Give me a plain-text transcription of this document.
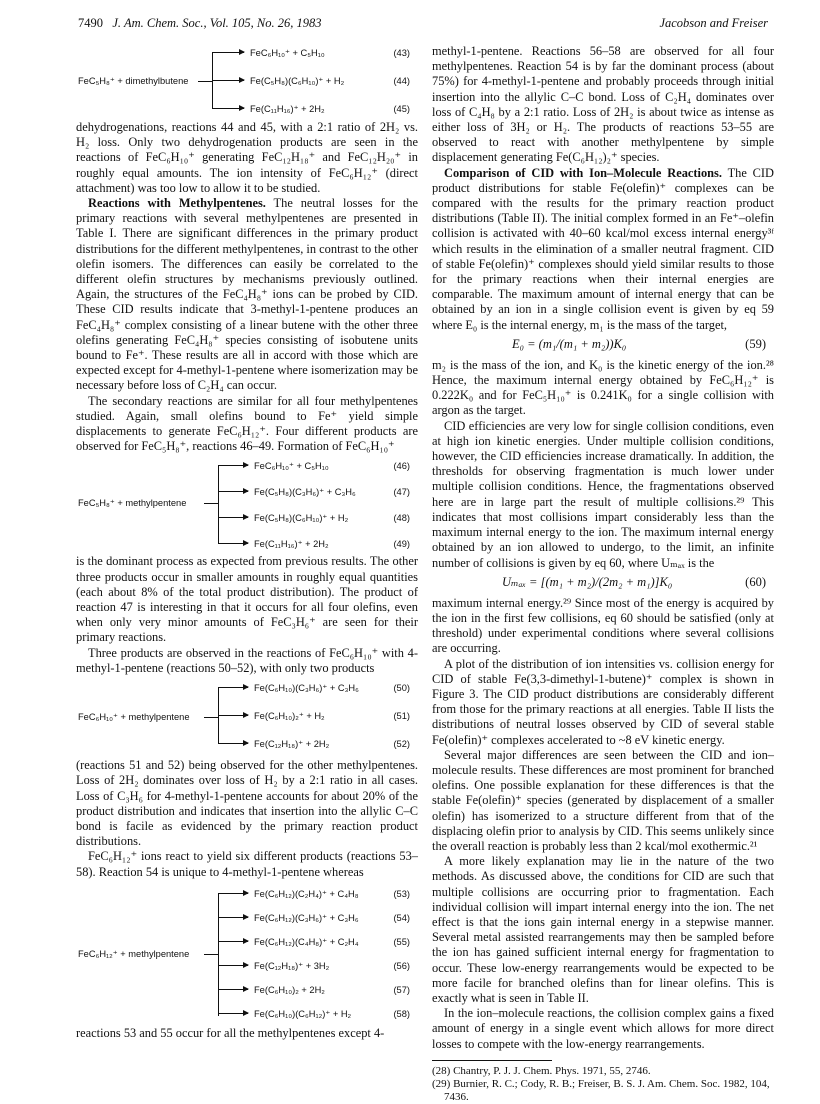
7490 J. Am. Chem. Soc., Vol. 105, No. 26, 1983	Jacobson and Freiser
FeC₅H₈⁺ + dimethylbutene
FeC₆H₁₀⁺ + C₅H₁₀	(43)
Fe(C₅H₈)(C₆H₁₀)⁺ + H₂	(44)
Fe(C₁₁H₁₆)⁺ + 2H₂	(45)

dehydrogenations, reactions 44 and 45, with a 2:1 ratio of 2H₂ vs. H₂ loss. Only two dehydrogenation products are seen in the reactions of FeC₆H₁₀⁺ generating FeC₁₂H₁₈⁺ and FeC₁₂H₂₀⁺ in roughly equal amounts. The ion intensity of FeC₆H₁₂⁺ (direct attachment) was too low to allow it to be studied.

Reactions with Methylpentenes. The neutral losses for the primary reactions with several methylpentenes are presented in Table I. There are significant differences in the primary product distributions for the different methylpentenes, in contrast to the other olefin isomers. The differences can easily be correlated to the different olefin structures by mechanisms previously outlined. Again, the structures of the FeC₄H₈⁺ ions can be probed by CID. These CID results indicate that 3-methyl-1-pentene produces an FeC₄H₈⁺ complex consisting of a linear butene with the other three olefins generating FeC₄H₈⁺ species consisting of isobutene units bound to Fe⁺. These results are all in accord with those which are expected except for 4-methyl-1-pentene where isomerization may be necessary before loss of C₂H₄ can occur.

The secondary reactions are similar for all four methylpentenes studied. Again, small olefins bound to Fe⁺ yield simple displacements to generate FeC₆H₁₂⁺. Four different products are observed for FeC₅H₈⁺, reactions 46–49. Formation of FeC₆H₁₀⁺

FeC₅H₈⁺ + methylpentene
FeC₆H₁₀⁺ + C₅H₁₀	(46)
Fe(C₅H₈)(C₃H₆)⁺ + C₃H₆	(47)
Fe(C₅H₈)(C₆H₁₀)⁺ + H₂	(48)
Fe(C₁₁H₁₆)⁺ + 2H₂	(49)

is the dominant process as expected from previous results. The other three products occur in smaller amounts in roughly equal quantities (each about 8% of the total product distribution). The product of reaction 47 is interesting in that it occurs for all four olefins, even when only very minor amounts of FeC₃H₆⁺ are seen for their primary reactions.

Three products are observed in the reactions of FeC₆H₁₀⁺ with 4-methyl-1-pentene (reactions 50–52), with only two products

FeC₆H₁₀⁺ + methylpentene
Fe(C₆H₁₀)(C₃H₆)⁺ + C₃H₆	(50)
Fe(C₆H₁₀)₂⁺ + H₂	(51)
Fe(C₁₂H₁₈)⁺ + 2H₂	(52)

(reactions 51 and 52) being observed for the other methylpentenes. Loss of 2H₂ dominates over loss of H₂ by a 2:1 ratio in all cases. Loss of C₃H₆ for 4-methyl-1-pentene accounts for about 20% of the product distribution and indicates that insertion into the allylic C–C bond is facile as evidenced by the primary reaction product distributions.

FeC₆H₁₂⁺ ions react to yield six different products (reactions 53–58). Reaction 54 is unique to 4-methyl-1-pentene whereas

FeC₆H₁₂⁺ + methylpentene
Fe(C₆H₁₂)(C₂H₄)⁺ + C₄H₈	(53)
Fe(C₆H₁₂)(C₃H₆)⁺ + C₃H₆	(54)
Fe(C₆H₁₂)(C₄H₈)⁺ + C₂H₄	(55)
Fe(C₁₂H₁₈)⁺ + 3H₂	(56)
Fe(C₆H₁₀)₂ + 2H₂	(57)
Fe(C₆H₁₀)(C₆H₁₂)⁺ + H₂	(58)

reactions 53 and 55 occur for all the methylpentenes except 4-

methyl-1-pentene. Reactions 56–58 are observed for all four methylpentenes. Reaction 54 is by far the dominant process (about 75%) for 4-methyl-1-pentene and probably proceeds through initial insertion into the allylic C–C bond. Loss of C₂H₄ dominates over loss of C₄H₈ by a 2:1 ratio. Loss of 2H₂ is about twice as intense as either loss of 3H₂ or H₂. The products of reactions 53–55 are observed to react with another methylpentene by simple displacement generating Fe(C₆H₁₂)₂⁺ species.

Comparison of CID with Ion–Molecule Reactions. The CID product distributions for stable Fe(olefin)⁺ complexes can be compared with the results for the primary reaction product distributions (Table II). The initial complex formed in an Fe⁺–olefin collision is activated with 40–60 kcal/mol excess internal energy³ᶠ which results in the elimination of a smaller neutral fragment. CID of stable Fe(olefin)⁺ complexes should yield similar results to those for the primary reactions when their internal energies are comparable. The maximum amount of internal energy that can be obtained by an ion in a single collision event is given by eq 59 where E₀ is the internal energy, m₁ is the mass of the target,

E₀ = (m₁/(m₁ + m₂))K₀	(59)

m₂ is the mass of the ion, and K₀ is the kinetic energy of the ion.²⁸ Hence, the maximum internal energy obtained by FeC₆H₁₂⁺ is 0.222K₀ and for FeC₅H₁₀⁺ is 0.241K₀ for a single collision with argon as the target.

CID efficiencies are very low for single collision conditions, even at high ion kinetic energies. Under multiple collision conditions, however, the CID efficiencies increase dramatically. In addition, the thresholds for observing fragmentation is much lower under multiple collision conditions. Hence, the fragmentations observed here are in large part the result of multiple collisions.²⁹ This indicates that most collisions impart considerably less than the maximum internal energy to the ion. The maximum internal energy obtained by an ion allowed to undergo, to the limit, an infinite number of collisions is given by eq 60, where Uₘₐₓ is the

Uₘₐₓ = [(m₁ + m₂)/(2m₂ + m₁)]K₀	(60)

maximum internal energy.²⁹ Since most of the energy is acquired by the ion in the first few collisions, eq 60 should be satisfied (only at threshold) under experimental conditions where several collisions are occurring.

A plot of the distribution of ion intensities vs. collision energy for CID of stable Fe(3,3-dimethyl-1-butene)⁺ complex is shown in Figure 3. The CID product distributions are considerably different from those for the primary reactions at all energies. Table II lists the distributions of neutral losses observed by CID of several stable Fe(olefin)⁺ complexes accelerated to ~8 eV kinetic energy.

Several major differences are seen between the CID and ion–molecule results. These differences are most prominent for branched olefins. One possible explanation for these differences is that the stable Fe(olefin)⁺ species (generated by displacement of a smaller olefin) has isomerized to a structure different from that of the displacing olefin prior to analysis by CID. This seems unlikely since the overall reaction is probably less than 2 kcal/mol exothermic.²¹

A more likely explanation may lie in the nature of the two methods. As discussed above, the conditions for CID are such that multiple collisions are occurring prior to fragmentation. Each individual collision will impart internal energy into the ion. The net effect is that the ions gain internal energy in a stepwise manner. Several metal assisted rearrangements may then be sampled before the ion has gained sufficient internal energy for fragmentation to occur. These low-energy rearrangements would be expected to be more facile for branched olefins than for linear olefins. This is exactly what is seen in Table II.

In the ion–molecule reactions, the collision complex gains a fixed amount of energy in a single event which allows for more direct losses to compete with the low-energy rearrangements.

(28) Chantry, P. J. J. Chem. Phys. 1971, 55, 2746.
(29) Burnier, R. C.; Cody, R. B.; Freiser, B. S. J. Am. Chem. Soc. 1982, 104, 7436.
